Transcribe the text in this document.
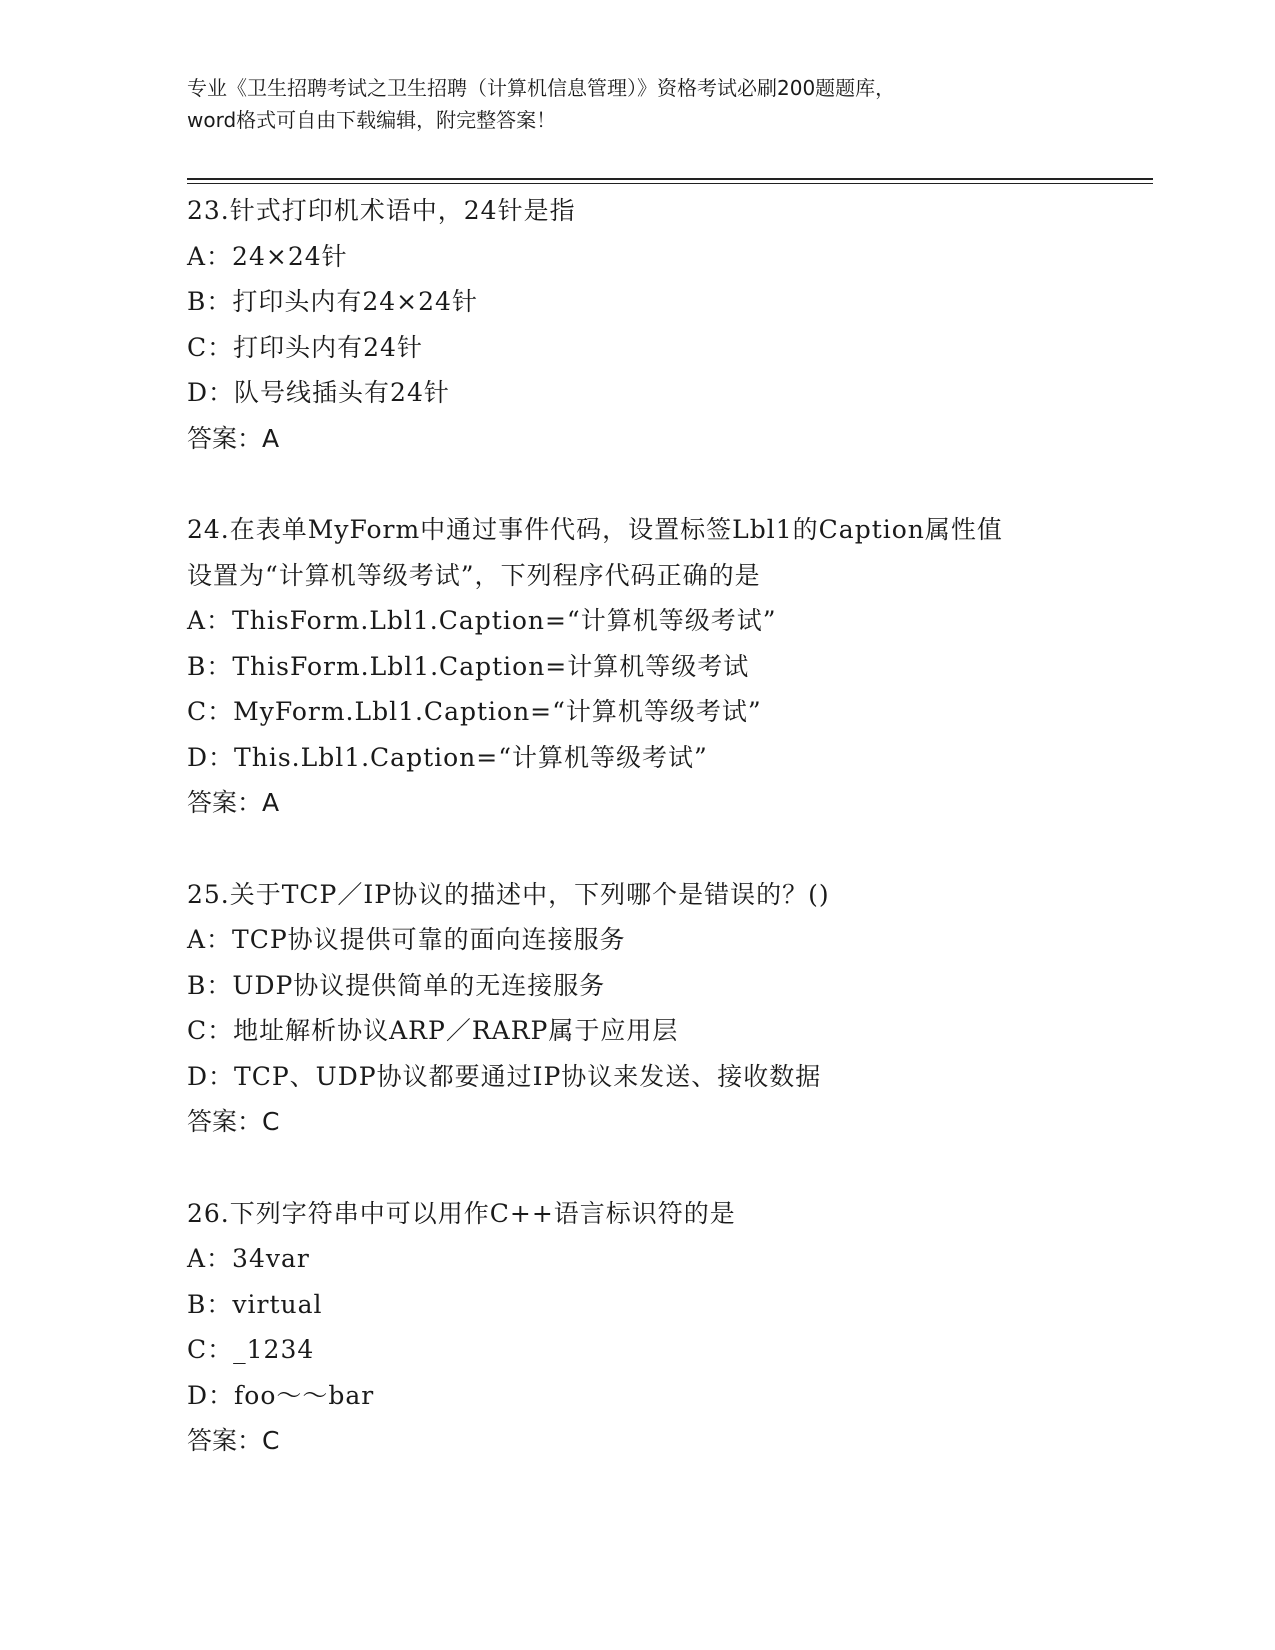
专业《卫生招聘考试之卫生招聘（计算机信息管理）》资格考试必刷200题题库，
word格式可自由下载编辑，附完整答案！
23.针式打印机术语中，24针是指
A：24×24针
B：打印头内有24×24针
C：打印头内有24针
D：队号线插头有24针
答案：A
24.在表单MyForm中通过事件代码，设置标签Lbl1的Caption属性值
设置为“计算机等级考试”，下列程序代码正确的是
A：ThisForm.Lbl1.Caption=“计算机等级考试”
B：ThisForm.Lbl1.Caption=计算机等级考试
C：MyForm.Lbl1.Caption=“计算机等级考试”
D：This.Lbl1.Caption=“计算机等级考试”
答案：A
25.关于TCP／IP协议的描述中，下列哪个是错误的？()
A：TCP协议提供可靠的面向连接服务
B：UDP协议提供简单的无连接服务
C：地址解析协议ARP／RARP属于应用层
D：TCP、UDP协议都要通过IP协议来发送、接收数据
答案：C
26.下列字符串中可以用作C++语言标识符的是
A：34var
B：virtual
C：_1234
D：foo～～bar
答案：C
